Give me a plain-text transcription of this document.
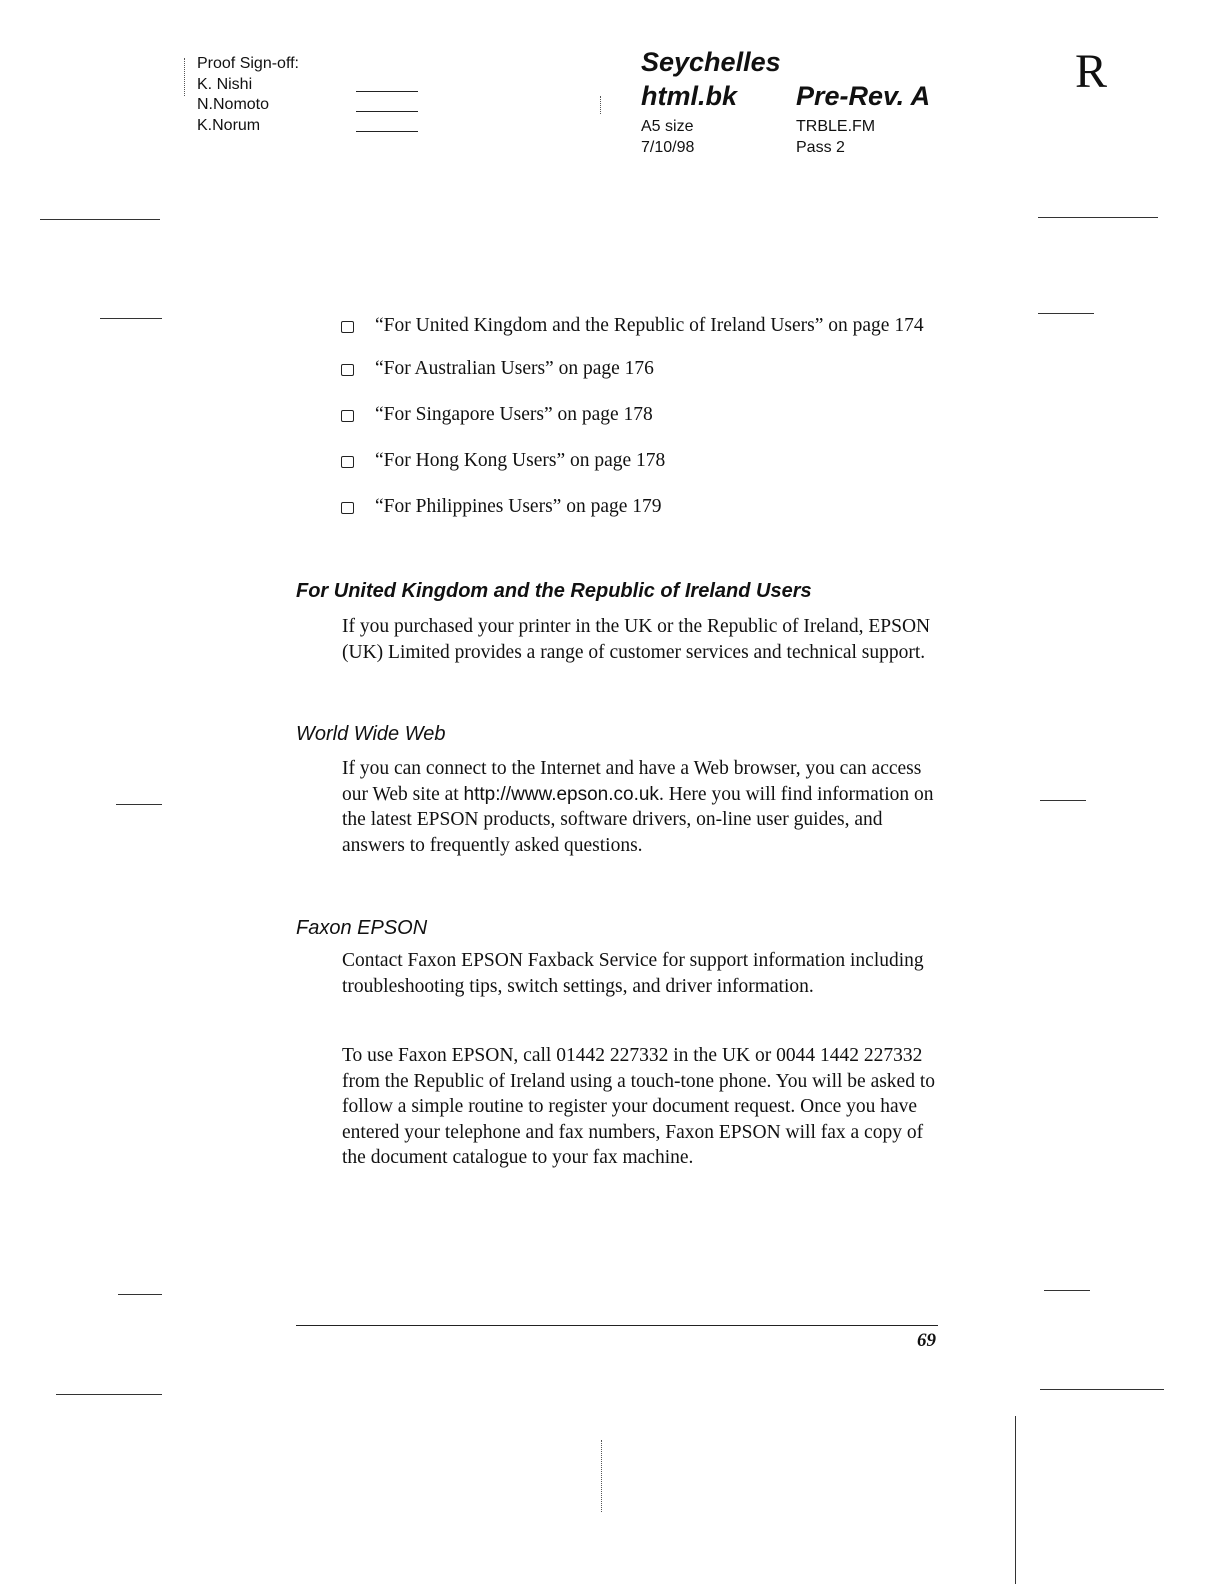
Proof Sign-off:
K. Nishi
N.Nomoto
K.Norum
Seychelles
html.bk Pre-Rev. A
A5 size	TRBLE.FM
7/10/98	Pass 2
R
“For United Kingdom and the Republic of Ireland Users” on page 174
“For Australian Users” on page 176
“For Singapore Users” on page 178
“For Hong Kong Users” on page 178
“For Philippines Users” on page 179
For United Kingdom and the Republic of Ireland Users
If you purchased your printer in the UK or the Republic of Ireland, EPSON (UK) Limited provides a range of customer services and technical support.
World Wide Web
If you can connect to the Internet and have a Web browser, you can access our Web site at http://www.epson.co.uk. Here you will find information on the latest EPSON products, software drivers, on-line user guides, and answers to frequently asked questions.
Faxon EPSON
Contact Faxon EPSON Faxback Service for support information including troubleshooting tips, switch settings, and driver information.
To use Faxon EPSON, call 01442 227332 in the UK or 0044 1442 227332 from the Republic of Ireland using a touch-tone phone. You will be asked to follow a simple routine to register your document request. Once you have entered your telephone and fax numbers, Faxon EPSON will fax a copy of the document catalogue to your fax machine.
69
